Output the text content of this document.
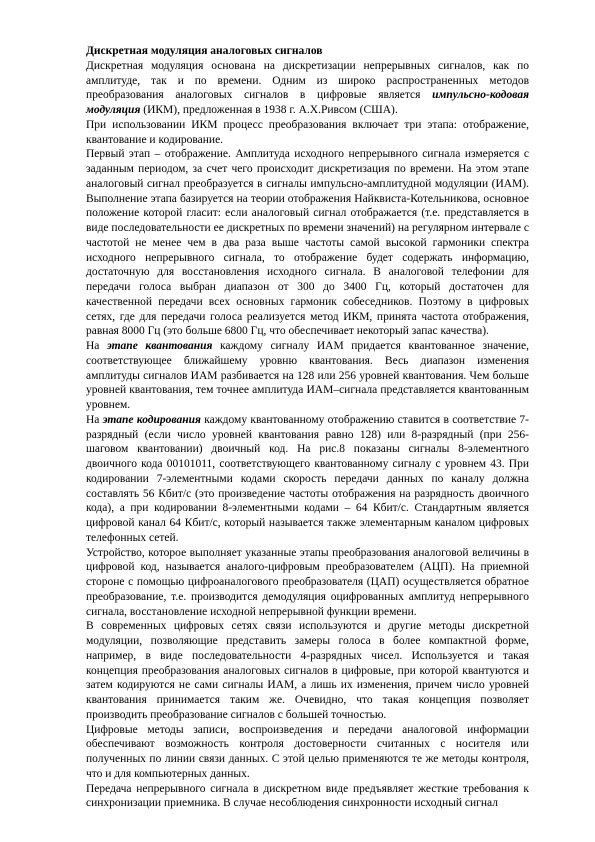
Дискретная модуляция аналоговых сигналов

Дискретная модуляция основана на дискретизации непрерывных сигналов, как по амплитуде, так и по времени. Одним из широко распространенных методов преобразования аналоговых сигналов в цифровые является импульсно-кодовая модуляция (ИКМ), предложенная в 1938 г. А.Х.Ривсом (США).

При использовании ИКМ процесс преобразования включает три этапа: отображение, квантование и кодирование.

Первый этап – отображение. Амплитуда исходного непрерывного сигнала измеряется с заданным периодом, за счет чего происходит дискретизация по времени. На этом этапе аналоговый сигнал преобразуется в сигналы импульсно-амплитудной модуляции (ИАМ). Выполнение этапа базируется на теории отображения Найквиста-Котельникова, основное положение которой гласит: если аналоговый сигнал отображается (т.е. представляется в виде последовательности ее дискретных по времени значений) на регулярном интервале с частотой не менее чем в два раза выше частоты самой высокой гармоники спектра исходного непрерывного сигнала, то отображение будет содержать информацию, достаточную для восстановления исходного сигнала. В аналоговой телефонии для передачи голоса выбран диапазон от 300 до 3400 Гц, который достаточен для качественной передачи всех основных гармоник собеседников. Поэтому в цифровых сетях, где для передачи голоса реализуется метод ИКМ, принята частота отображения, равная 8000 Гц (это больше 6800 Гц, что обеспечивает некоторый запас качества).

На этапе квантования каждому сигналу ИАМ придается квантованное значение, соответствующее ближайшему уровню квантования. Весь диапазон изменения амплитуды сигналов ИАМ разбивается на 128 или 256 уровней квантования. Чем больше уровней квантования, тем точнее амплитуда ИАМ–сигнала представляется квантованным уровнем.

На этапе кодирования каждому квантованному отображению ставится в соответствие 7-разрядный (если число уровней квантования равно 128) или 8-разрядный (при 256-шаговом квантовании) двоичный код. На рис.8 показаны сигналы 8-элементного двоичного кода 00101011, соответствующего квантованному сигналу с уровнем 43. При кодировании 7-элементными кодами скорость передачи данных по каналу должна составлять 56 Кбит/с (это произведение частоты отображения на разрядность двоичного кода), а при кодировании 8-элементными кодами – 64 Кбит/с. Стандартным является цифровой канал 64 Кбит/с, который называется также элементарным каналом цифровых телефонных сетей.

Устройство, которое выполняет указанные этапы преобразования аналоговой величины в цифровой код, называется аналого-цифровым преобразователем (АЦП). На приемной стороне с помощью цифроаналогового преобразователя (ЦАП) осуществляется обратное преобразование, т.е. производится демодуляция оцифрованных амплитуд непрерывного сигнала, восстановление исходной непрерывной функции времени.

В современных цифровых сетях связи используются и другие методы дискретной модуляции, позволяющие представить замеры голоса в более компактной форме, например, в виде последовательности 4-разрядных чисел. Используется и такая концепция преобразования аналоговых сигналов в цифровые, при которой квантуются и затем кодируются не сами сигналы ИАМ, а лишь их изменения, причем число уровней квантования принимается таким же. Очевидно, что такая концепция позволяет производить преобразование сигналов с большей точностью.

Цифровые методы записи, воспроизведения и передачи аналоговой информации обеспечивают возможность контроля достоверности считанных с носителя или полученных по линии связи данных. С этой целью применяются те же методы контроля, что и для компьютерных данных.

Передача непрерывного сигнала в дискретном виде предъявляет жесткие требования к синхронизации приемника. В случае несоблюдения синхронности исходный сигнал
